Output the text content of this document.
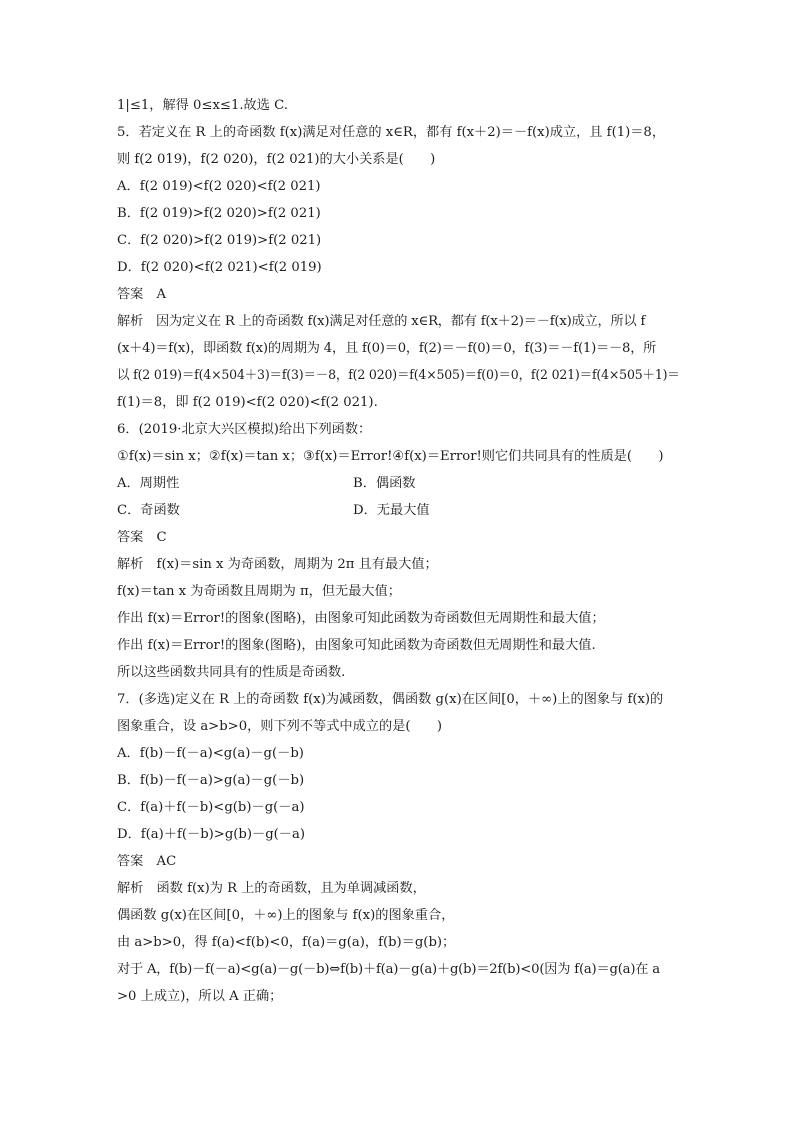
1|≤1，解得 0≤x≤1.故选 C.
5．若定义在 R 上的奇函数 f(x)满足对任意的 x∈R，都有 f(x＋2)＝－f(x)成立，且 f(1)＝8，
则 f(2 019)，f(2 020)，f(2 021)的大小关系是(　　)
A．f(2 019)<f(2 020)<f(2 021)
B．f(2 019)>f(2 020)>f(2 021)
C．f(2 020)>f(2 019)>f(2 021)
D．f(2 020)<f(2 021)<f(2 019)
答案　A
解析　因为定义在 R 上的奇函数 f(x)满足对任意的 x∈R，都有 f(x＋2)＝－f(x)成立，所以 f
(x＋4)＝f(x)，即函数 f(x)的周期为 4，且 f(0)＝0，f(2)＝－f(0)＝0，f(3)＝－f(1)＝－8，所
以 f(2 019)＝f(4×504＋3)＝f(3)＝－8，f(2 020)＝f(4×505)＝f(0)＝0，f(2 021)＝f(4×505＋1)＝
f(1)＝8，即 f(2 019)<f(2 020)<f(2 021).
6．(2019·北京大兴区模拟)给出下列函数：
①f(x)＝sin x；②f(x)＝tan x；③f(x)＝Error!④f(x)＝Error!则它们共同具有的性质是(　　)
A．周期性	B．偶函数
C．奇函数	D．无最大值
答案　C
解析　f(x)＝sin x 为奇函数，周期为 2π 且有最大值；
f(x)＝tan x 为奇函数且周期为 π，但无最大值；
作出 f(x)＝Error!的图象(图略)，由图象可知此函数为奇函数但无周期性和最大值；
作出 f(x)＝Error!的图象(图略)，由图象可知此函数为奇函数但无周期性和最大值.
所以这些函数共同具有的性质是奇函数.
7．(多选)定义在 R 上的奇函数 f(x)为减函数，偶函数 g(x)在区间[0，＋∞)上的图象与 f(x)的
图象重合，设 a>b>0，则下列不等式中成立的是(　　)
A．f(b)－f(－a)<g(a)－g(－b)
B．f(b)－f(－a)>g(a)－g(－b)
C．f(a)＋f(－b)<g(b)－g(－a)
D．f(a)＋f(－b)>g(b)－g(－a)
答案　AC
解析　函数 f(x)为 R 上的奇函数，且为单调减函数，
偶函数 g(x)在区间[0，＋∞)上的图象与 f(x)的图象重合，
由 a>b>0，得 f(a)<f(b)<0，f(a)＝g(a)，f(b)＝g(b)；
对于 A，f(b)－f(－a)<g(a)－g(－b)⇔f(b)＋f(a)－g(a)＋g(b)＝2f(b)<0(因为 f(a)＝g(a)在 a
>0 上成立)，所以 A 正确；
